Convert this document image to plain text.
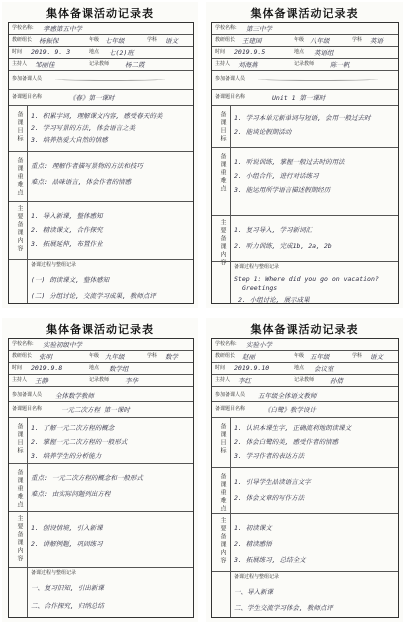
集体备课活动记录表
学校名称: 孝感第五中学
教研组长 杨振保	年级 七年级	学科 语文
时间 2019. 9. 3	地点 七(2)班
主持人 邹丽佳	记录教师 杨二霞
参加备课人员
备课题目名称	《春》第一课时
备课目标 1. 积累字词, 理解课文内容, 感受春天的美
2. 学习写景的方法, 体会语言之美
3. 培养热爱大自然的情感
备课重难点 重点: 理解作者描写景物的方法和技巧
难点: 品味语言, 体会作者的情感
主要备课内容 1. 导入新课, 整体感知
2. 精读课文, 合作探究
3. 拓展延伸, 布置作业
备课过程与整组记录
(一) 朗读课文, 整体感知
(二) 分组讨论, 交流学习成果, 教师点评
集体备课活动记录表
学校名称: 第三中学
教研组长 王建国	年级 八年级	学科 英语
时间 2019.9.5	地点 英语组
主持人 刘海燕	记录教师 陈一帆
参加备课人员
备课题目名称	Unit 1 第一课时
备课目标 1. 学习本单元新单词与短语, 会用一般过去时
2. 能谈论假期活动
备课重难点 1. 听说训练, 掌握一般过去时的用法
2. 小组合作, 进行对话练习
3. 能运用所学语言描述假期经历
主要备课内容 1. 复习导入, 学习新词汇
2. 听力训练, 完成1b, 2a, 2b
备课过程与整组记录
Step 1: Where did you go on vacation?
Greetings
2. 小组讨论, 展示成果
集体备课活动记录表
学校名称: 实验初级中学
教研组长 张明	年级 九年级	学科 数学
时间 2019.9.8	地点 数学组
主持人 王静	记录教师 李华
参加备课人员 全体数学教师
备课题目名称	一元二次方程 第一课时
备课目标 1. 了解一元二次方程的概念
2. 掌握一元二次方程的一般形式
3. 培养学生的分析能力
备课重难点 重点: 一元二次方程的概念和一般形式
难点: 由实际问题列出方程
主要备课内容 1. 创设情境, 引入新课
2. 讲解例题, 巩固练习
备课过程与整组记录
一、复习旧知, 引出新课
二、合作探究, 归纳总结
集体备课活动记录表
学校名称: 实验小学
教研组长 赵丽	年级 五年级	学科 语文
时间 2019.9.10	地点 会议室
主持人 李红	记录教师 孙倩
参加备课人员 五年级全体语文教师
备课题目名称	《白鹭》教学设计
备课目标 1. 认识本课生字, 正确流利地朗读课文
2. 体会白鹭的美, 感受作者的情感
3. 学习作者的表达方法
备课重难点 1. 引导学生品读语言文字
2. 体会文章的写作方法
主要备课内容 1. 初读课文
2. 精读感悟
3. 拓展练习, 总结全文
备课过程与整组记录
一、导入新课
二、学生交流学习体会, 教师点评
